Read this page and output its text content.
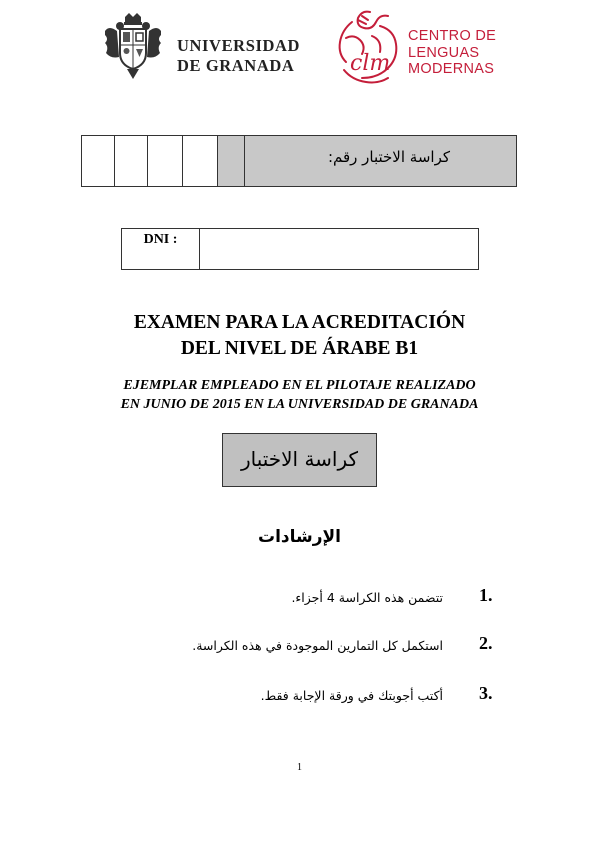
UNIVERSIDAD
DE GRANADA	clm
CENTRO DE
LENGUAS
MODERNAS
كراسة الاختبار رقم:
DNI :
EXAMEN PARA LA ACREDITACIÓN
DEL NIVEL DE ÁRABE B1
EJEMPLAR EMPLEADO EN EL PILOTAJE REALIZADO
EN JUNIO DE 2015 EN LA UNIVERSIDAD DE GRANADA
كراسة الاختبار
الإرشادات
1.
تتضمن هذه الكراسة 4 أجزاء.
2.
استكمل كل التمارين الموجودة في هذه الكراسة.
3.
أكتب أجوبتك في ورقة الإجابة فقط.
1
